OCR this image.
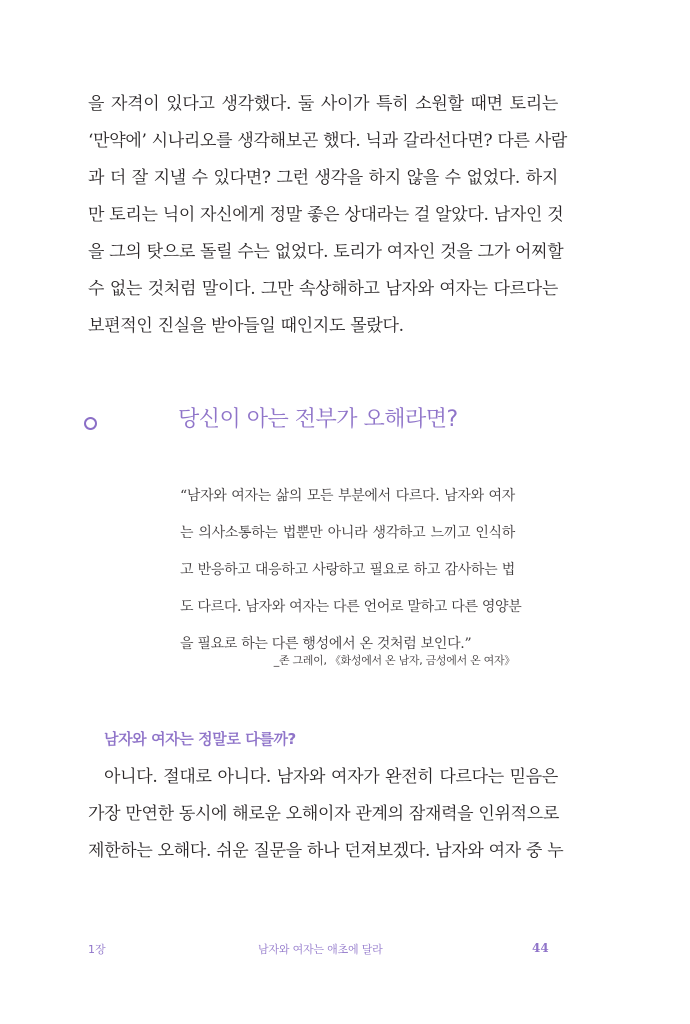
을 자격이 있다고 생각했다. 둘 사이가 특히 소원할 때면 토리는
‘만약에’ 시나리오를 생각해보곤 했다. 닉과 갈라선다면? 다른 사람
과 더 잘 지낼 수 있다면? 그런 생각을 하지 않을 수 없었다. 하지
만 토리는 닉이 자신에게 정말 좋은 상대라는 걸 알았다. 남자인 것
을 그의 탓으로 돌릴 수는 없었다. 토리가 여자인 것을 그가 어찌할
수 없는 것처럼 말이다. 그만 속상해하고 남자와 여자는 다르다는
보편적인 진실을 받아들일 때인지도 몰랐다.
당신이 아는 전부가 오해라면?
“남자와 여자는 삶의 모든 부분에서 다르다. 남자와 여자
는 의사소통하는 법뿐만 아니라 생각하고 느끼고 인식하
고 반응하고 대응하고 사랑하고 필요로 하고 감사하는 법
도 다르다. 남자와 여자는 다른 언어로 말하고 다른 영양분
을 필요로 하는 다른 행성에서 온 것처럼 보인다.”
_존 그레이, 《화성에서 온 남자, 금성에서 온 여자》
남자와 여자는 정말로 다를까?
아니다. 절대로 아니다. 남자와 여자가 완전히 다르다는 믿음은
가장 만연한 동시에 해로운 오해이자 관계의 잠재력을 인위적으로
제한하는 오해다. 쉬운 질문을 하나 던져보겠다. 남자와 여자 중 누
1장	남자와 여자는 애초에 달라	44
